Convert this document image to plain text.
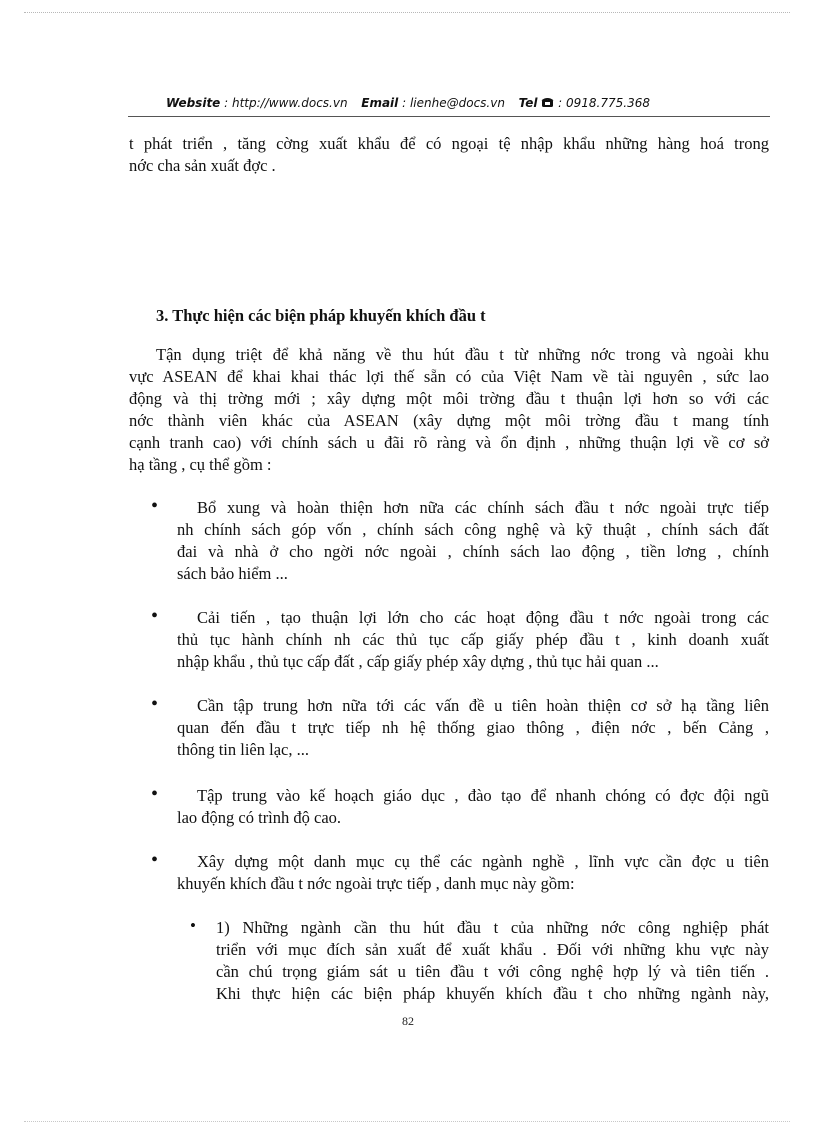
Website : http://www.docs.vn Email : lienhe@docs.vn Tel : 0918.775.368
t phát triển , tăng cờng xuất khẩu để có ngoại tệ nhập khẩu những hàng hoá trong
nớc cha sản xuất đợc .

3. Thực hiện các biện pháp khuyến khích đầu t

Tận dụng triệt để khả năng về thu hút đầu t từ những nớc trong và ngoài khu
vực ASEAN để khai khai thác lợi thế sẵn có của Việt Nam về tài nguyên , sức lao
động và thị trờng mới ; xây dựng một môi trờng đầu t thuận lợi hơn so với các
nớc thành viên khác của ASEAN (xây dựng một môi trờng đầu t mang tính
cạnh tranh cao) với chính sách u đãi rõ ràng và ổn định , những thuận lợi về cơ sở
hạ tầng , cụ thể gồm :
•	Bổ xung và hoàn thiện hơn nữa các chính sách đầu t nớc ngoài trực tiếp
nh chính sách góp vốn , chính sách công nghệ và kỹ thuật , chính sách đất
đai và nhà ở cho ngời nớc ngoài , chính sách lao động , tiền lơng , chính
sách bảo hiểm ...
•	Cải tiến , tạo thuận lợi lớn cho các hoạt động đầu t nớc ngoài trong các
thủ tục hành chính nh các thủ tục cấp giấy phép đầu t , kinh doanh xuất
nhập khẩu , thủ tục cấp đất , cấp giấy phép xây dựng , thủ tục hải quan ...
•	Cần tập trung hơn nữa tới các vấn đề u tiên hoàn thiện cơ sở hạ tầng liên
quan đến đầu t trực tiếp nh hệ thống giao thông , điện nớc , bến Cảng ,
thông tin liên lạc, ...
•	Tập trung vào kế hoạch giáo dục , đào tạo để nhanh chóng có đợc đội ngũ
lao động có trình độ cao.
•	Xây dựng một danh mục cụ thể các ngành nghề , lĩnh vực cần đợc u tiên
khuyến khích đầu t nớc ngoài trực tiếp , danh mục này gồm:
• 1) Những ngành cần thu hút đầu t của những nớc công nghiệp phát
triển với mục đích sản xuất để xuất khẩu . Đối với những khu vực này
cần chú trọng giám sát u tiên đầu t với công nghệ hợp lý và tiên tiến .
Khi thực hiện các biện pháp khuyến khích đầu t cho những ngành này,
82
